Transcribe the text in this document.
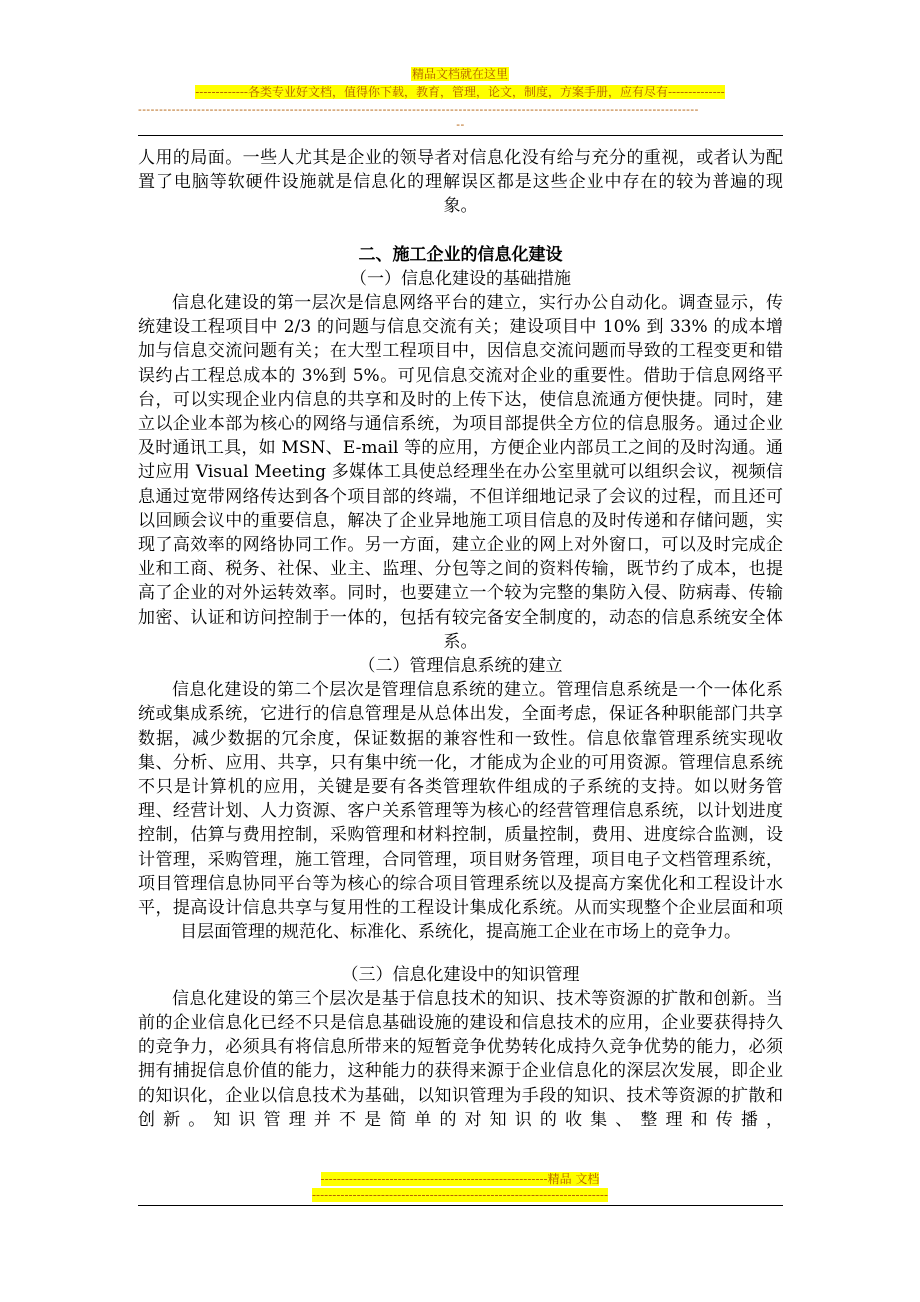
精品文档就在这里
-------------各类专业好文档，值得你下载，教育，管理，论文，制度，方案手册，应有尽有--------------
-------------------------------------------------------------------------------------------------------------------------------------
--

人用的局面。一些人尤其是企业的领导者对信息化没有给与充分的重视，或者认为配置了电脑等软硬件设施就是信息化的理解误区都是这些企业中存在的较为普遍的现象。

二、施工企业的信息化建设

（一）信息化建设的基础措施

信息化建设的第一层次是信息网络平台的建立，实行办公自动化。调查显示，传统建设工程项目中 2/3 的问题与信息交流有关；建设项目中 10% 到 33% 的成本增加与信息交流问题有关；在大型工程项目中，因信息交流问题而导致的工程变更和错误约占工程总成本的 3%到 5%。可见信息交流对企业的重要性。借助于信息网络平台，可以实现企业内信息的共享和及时的上传下达，使信息流通方便快捷。同时，建立以企业本部为核心的网络与通信系统，为项目部提供全方位的信息服务。通过企业及时通讯工具，如 MSN、E-mail 等的应用，方便企业内部员工之间的及时沟通。通过应用 Visual Meeting 多媒体工具使总经理坐在办公室里就可以组织会议，视频信息通过宽带网络传达到各个项目部的终端，不但详细地记录了会议的过程，而且还可以回顾会议中的重要信息，解决了企业异地施工项目信息的及时传递和存储问题，实现了高效率的网络协同工作。另一方面，建立企业的网上对外窗口，可以及时完成企业和工商、税务、社保、业主、监理、分包等之间的资料传输，既节约了成本，也提高了企业的对外运转效率。同时，也要建立一个较为完整的集防入侵、防病毒、传输加密、认证和访问控制于一体的，包括有较完备安全制度的，动态的信息系统安全体系。

（二）管理信息系统的建立

信息化建设的第二个层次是管理信息系统的建立。管理信息系统是一个一体化系统或集成系统，它进行的信息管理是从总体出发，全面考虑，保证各种职能部门共享数据，减少数据的冗余度，保证数据的兼容性和一致性。信息依靠管理系统实现收集、分析、应用、共享，只有集中统一化，才能成为企业的可用资源。管理信息系统不只是计算机的应用，关键是要有各类管理软件组成的子系统的支持。如以财务管理、经营计划、人力资源、客户关系管理等为核心的经营管理信息系统，以计划进度控制，估算与费用控制，采购管理和材料控制，质量控制，费用、进度综合监测，设计管理，采购管理，施工管理，合同管理，项目财务管理，项目电子文档管理系统，项目管理信息协同平台等为核心的综合项目管理系统以及提高方案优化和工程设计水平，提高设计信息共享与复用性的工程设计集成化系统。从而实现整个企业层面和项目层面管理的规范化、标准化、系统化，提高施工企业在市场上的竞争力。

（三）信息化建设中的知识管理

信息化建设的第三个层次是基于信息技术的知识、技术等资源的扩散和创新。当前的企业信息化已经不只是信息基础设施的建设和信息技术的应用，企业要获得持久的竞争力，必须具有将信息所带来的短暂竞争优势转化成持久竞争优势的能力，必须拥有捕捉信息价值的能力，这种能力的获得来源于企业信息化的深层次发展，即企业的知识化，企业以信息技术为基础，以知识管理为手段的知识、技术等资源的扩散和创新。知识管理并不是简单的对知识的收集、整理和传播，

--------------------------------------------------------精品 文档
-------------------------------------------------------------------------
